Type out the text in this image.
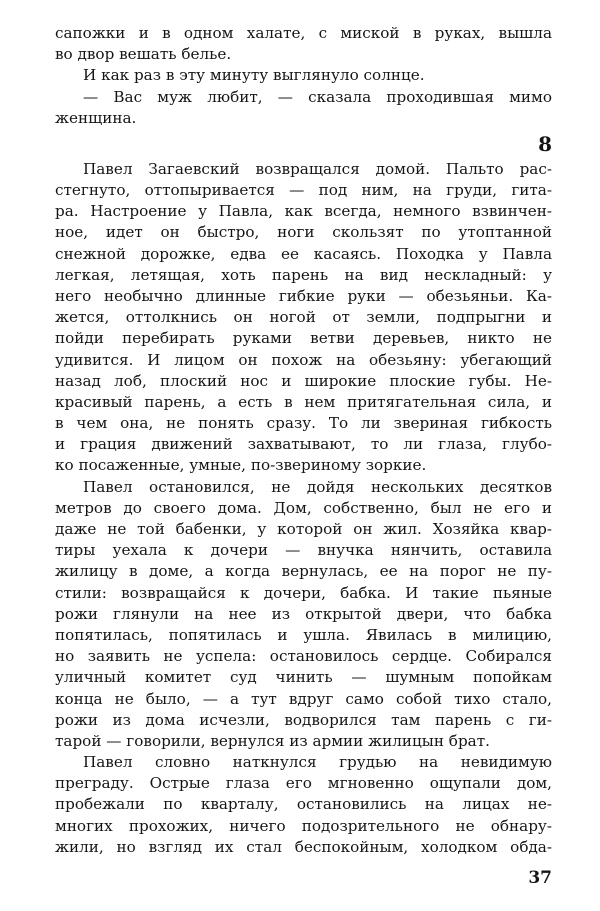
сапожки и в одном халате, с миской в руках, вышла
во двор вешать белье.
И как раз в эту минуту выглянуло солнце.
— Вас муж любит, — сказала проходившая мимо
женщина.
8
Павел Загаевский возвращался домой. Пальто рас-
стегнуто, оттопыривается — под ним, на груди, гита-
ра. Настроение у Павла, как всегда, немного взвинчен-
ное, идет он быстро, ноги скользят по утоптанной
снежной дорожке, едва ее касаясь. Походка у Павла
легкая, летящая, хоть парень на вид нескладный: у
него необычно длинные гибкие руки — обезьяньи. Ка-
жется, оттолкнись он ногой от земли, подпрыгни и
пойди перебирать руками ветви деревьев, никто не
удивится. И лицом он похож на обезьяну: убегающий
назад лоб, плоский нос и широкие плоские губы. Не-
красивый парень, а есть в нем притягательная сила, и
в чем она, не понять сразу. То ли звериная гибкость
и грация движений захватывают, то ли глаза, глубо-
ко посаженные, умные, по-звериному зоркие.
Павел остановился, не дойдя нескольких десятков
метров до своего дома. Дом, собственно, был не его и
даже не той бабенки, у которой он жил. Хозяйка квар-
тиры уехала к дочери — внучка нянчить, оставила
жилицу в доме, а когда вернулась, ее на порог не пу-
стили: возвращайся к дочери, бабка. И такие пьяные
рожи глянули на нее из открытой двери, что бабка
попятилась, попятилась и ушла. Явилась в милицию,
но заявить не успела: остановилось сердце. Собирался
уличный комитет суд чинить — шумным попойкам
конца не было, — а тут вдруг само собой тихо стало,
рожи из дома исчезли, водворился там парень с ги-
тарой — говорили, вернулся из армии жилицын брат.
Павел словно наткнулся грудью на невидимую
преграду. Острые глаза его мгновенно ощупали дом,
пробежали по кварталу, остановились на лицах не-
многих прохожих, ничего подозрительного не обнару-
жили, но взгляд их стал беспокойным, холодком обда-
37
